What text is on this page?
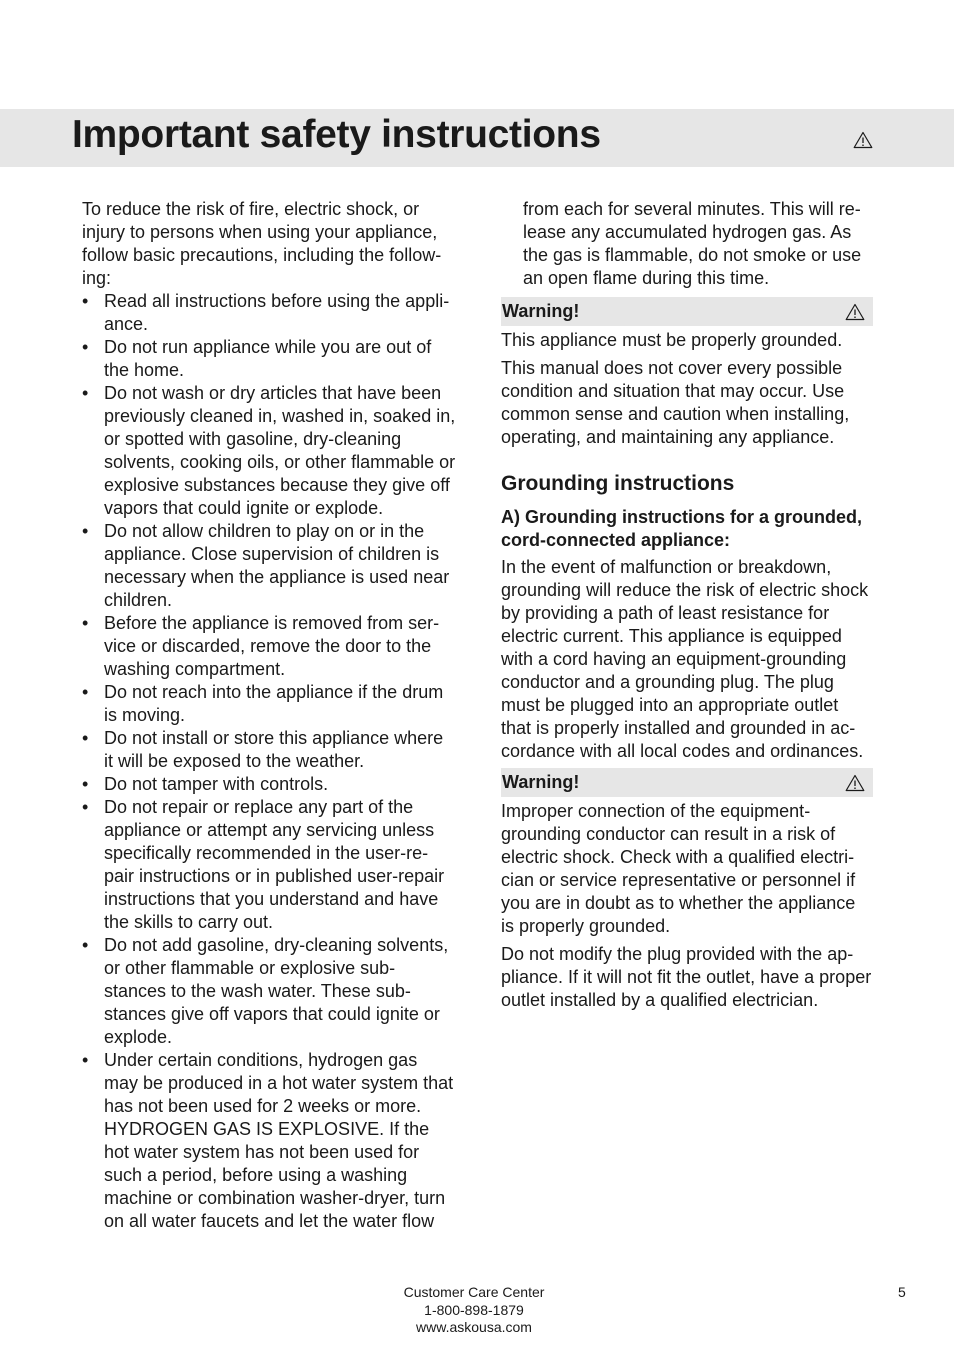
Important safety instructions

To reduce the risk of fire, electric shock, or injury to persons when using your appliance, follow basic precautions, including the follow-ing:

• Read all instructions before using the appli-ance.
• Do not run appliance while you are out of the home.
• Do not wash or dry articles that have been previously cleaned in, washed in, soaked in, or spotted with gasoline, dry-cleaning solvents, cooking oils, or other flammable or explosive substances because they give off vapors that could ignite or explode.
• Do not allow children to play on or in the appliance. Close supervision of children is necessary when the appliance is used near children.
• Before the appliance is removed from ser-vice or discarded, remove the door to the washing compartment.
• Do not reach into the appliance if the drum is moving.
• Do not install or store this appliance where it will be exposed to the weather.
• Do not tamper with controls.
• Do not repair or replace any part of the appliance or attempt any servicing unless specifically recommended in the user-re-pair instructions or in published user-repair instructions that you understand and have the skills to carry out.
• Do not add gasoline, dry-cleaning solvents, or other flammable or explosive sub-stances to the wash water. These sub-stances give off vapors that could ignite or explode.
• Under certain conditions, hydrogen gas may be produced in a hot water system that has not been used for 2 weeks or more. HYDROGEN GAS IS EXPLOSIVE. If the hot water system has not been used for such a period, before using a washing machine or combination washer-dryer, turn on all water faucets and let the water flow

from each for several minutes. This will re-lease any accumulated hydrogen gas. As the gas is flammable, do not smoke or use an open flame during this time.

Warning!

This appliance must be properly grounded.

This manual does not cover every possible condition and situation that may occur. Use common sense and caution when installing, operating, and maintaining any appliance.

Grounding instructions

A) Grounding instructions for a grounded, cord-connected appliance:

In the event of malfunction or breakdown, grounding will reduce the risk of electric shock by providing a path of least resistance for electric current. This appliance is equipped with a cord having an equipment-grounding conductor and a grounding plug. The plug must be plugged into an appropriate outlet that is properly installed and grounded in ac-cordance with all local codes and ordinances.

Warning!

Improper connection of the equipment-grounding conductor can result in a risk of electric shock. Check with a qualified electri-cian or service representative or personnel if you are in doubt as to whether the appliance is properly grounded.

Do not modify the plug provided with the ap-pliance. If it will not fit the outlet, have a proper outlet installed by a qualified electrician.

Customer Care Center
1-800-898-1879
www.askousa.com
5
